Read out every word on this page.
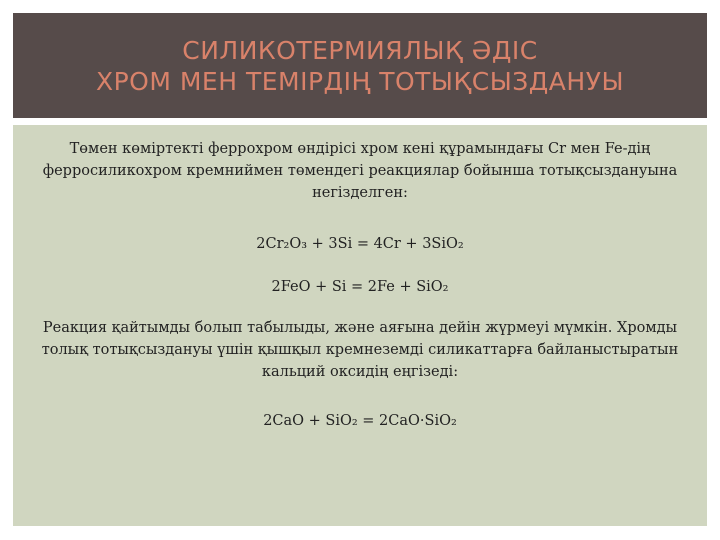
СИЛИКОТЕРМИЯЛЫҚ ӘДІС
ХРОМ МЕН ТЕМІРДІҢ ТОТЫҚСЫЗДАНУЫ
Төмен көміртекті феррохром өндірісі хром кені құрамындағы Cr мен Fe-дің ферросиликохром кремниймен төмендегі реакциялар бойынша тотықсыздануына негізделген:
2Cr₂O₃ + 3Si = 4Cr + 3SiO₂
2FeO + Si = 2Fe + SiO₂
Реакция қайтымды болып табылыды, және аяғына дейін жүрмеуі мүмкін. Хромды толық тотықсыздануы үшін қышқыл кремнеземді силикаттарға байланыстыратын кальций оксидің еңгізеді:
2CaO + SiO₂ = 2CaO·SiO₂
